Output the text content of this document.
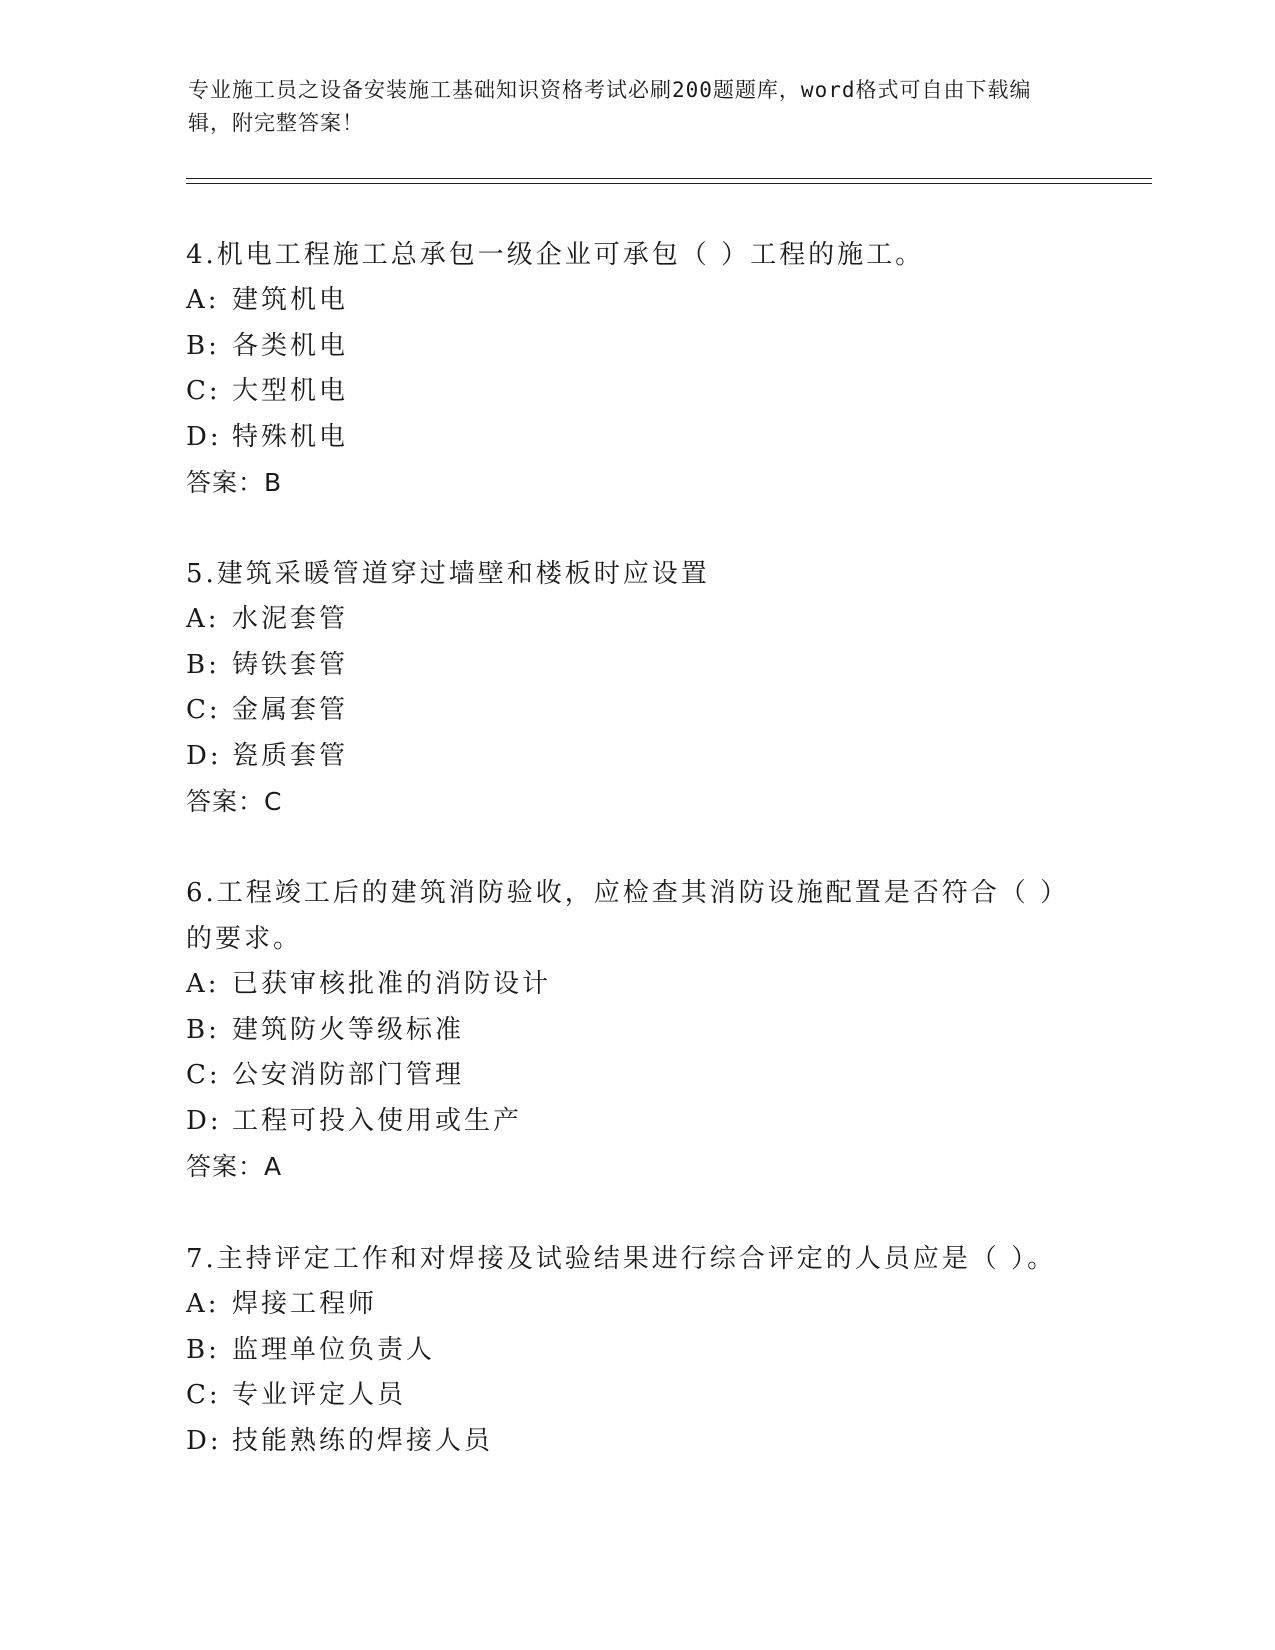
专业施工员之设备安装施工基础知识资格考试必刷200题题库，word格式可自由下载编辑，附完整答案！

4.机电工程施工总承包一级企业可承包（ ）工程的施工。

A: 建筑机电

B: 各类机电

C: 大型机电

D: 特殊机电

答案：B

5.建筑采暖管道穿过墙壁和楼板时应设置

A: 水泥套管

B: 铸铁套管

C: 金属套管

D: 瓷质套管

答案：C

6.工程竣工后的建筑消防验收，应检查其消防设施配置是否符合（ ）的要求。

A: 已获审核批准的消防设计

B: 建筑防火等级标准

C: 公安消防部门管理

D: 工程可投入使用或生产

答案：A

7.主持评定工作和对焊接及试验结果进行综合评定的人员应是（ ）。

A: 焊接工程师

B: 监理单位负责人

C: 专业评定人员

D: 技能熟练的焊接人员
